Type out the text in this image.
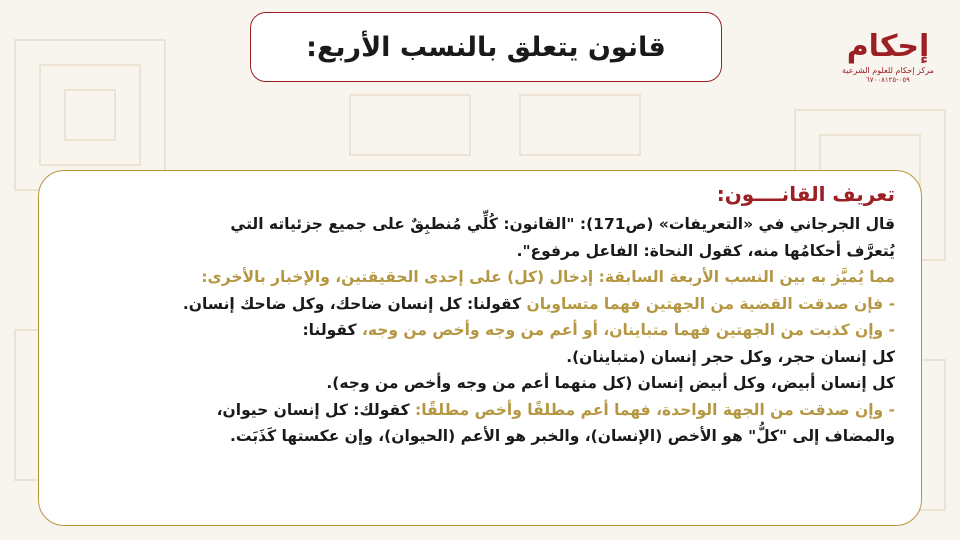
قانون يتعلق بالنسب الأربع:	إحكام
مركز إحكام للعلوم الشرعية
٠٥٩-٦٧٠٠٨١٢٥
تعريف القانــــون:
قال الجرجاني في «التعريفات» (ص171): "القانون: كُلِّي مُنطبِقٌ على جميع جزئياته التي
يُتعرَّف أحكامُها منه، كقول النحاة: الفاعل مرفوع".
مما يُميَّز به بين النسب الأربعة السابقة: إدخال (كل) على إحدى الحقيقتين، والإخبار بالأخرى:
- فإن صدقت القضية من الجهتين فهما متساويان كقولنا: كل إنسان ضاحك، وكل ضاحك إنسان.
- وإن كذبت من الجهتين فهما متباينان، أو أعم من وجه وأخص من وجه، كقولنا:
كل إنسان حجر، وكل حجر إنسان (متباينان).
كل إنسان أبيض، وكل أبيض إنسان (كل منهما أعم من وجه وأخص من وجه).
- وإن صدقت من الجهة الواحدة، فهما أعم مطلقًا وأخص مطلقًا: كقولك: كل إنسان حيوان،
والمضاف إلى "كلُّ" هو الأخص (الإنسان)، والخبر هو الأعم (الحيوان)، وإن عكستها كَذَبَت.
